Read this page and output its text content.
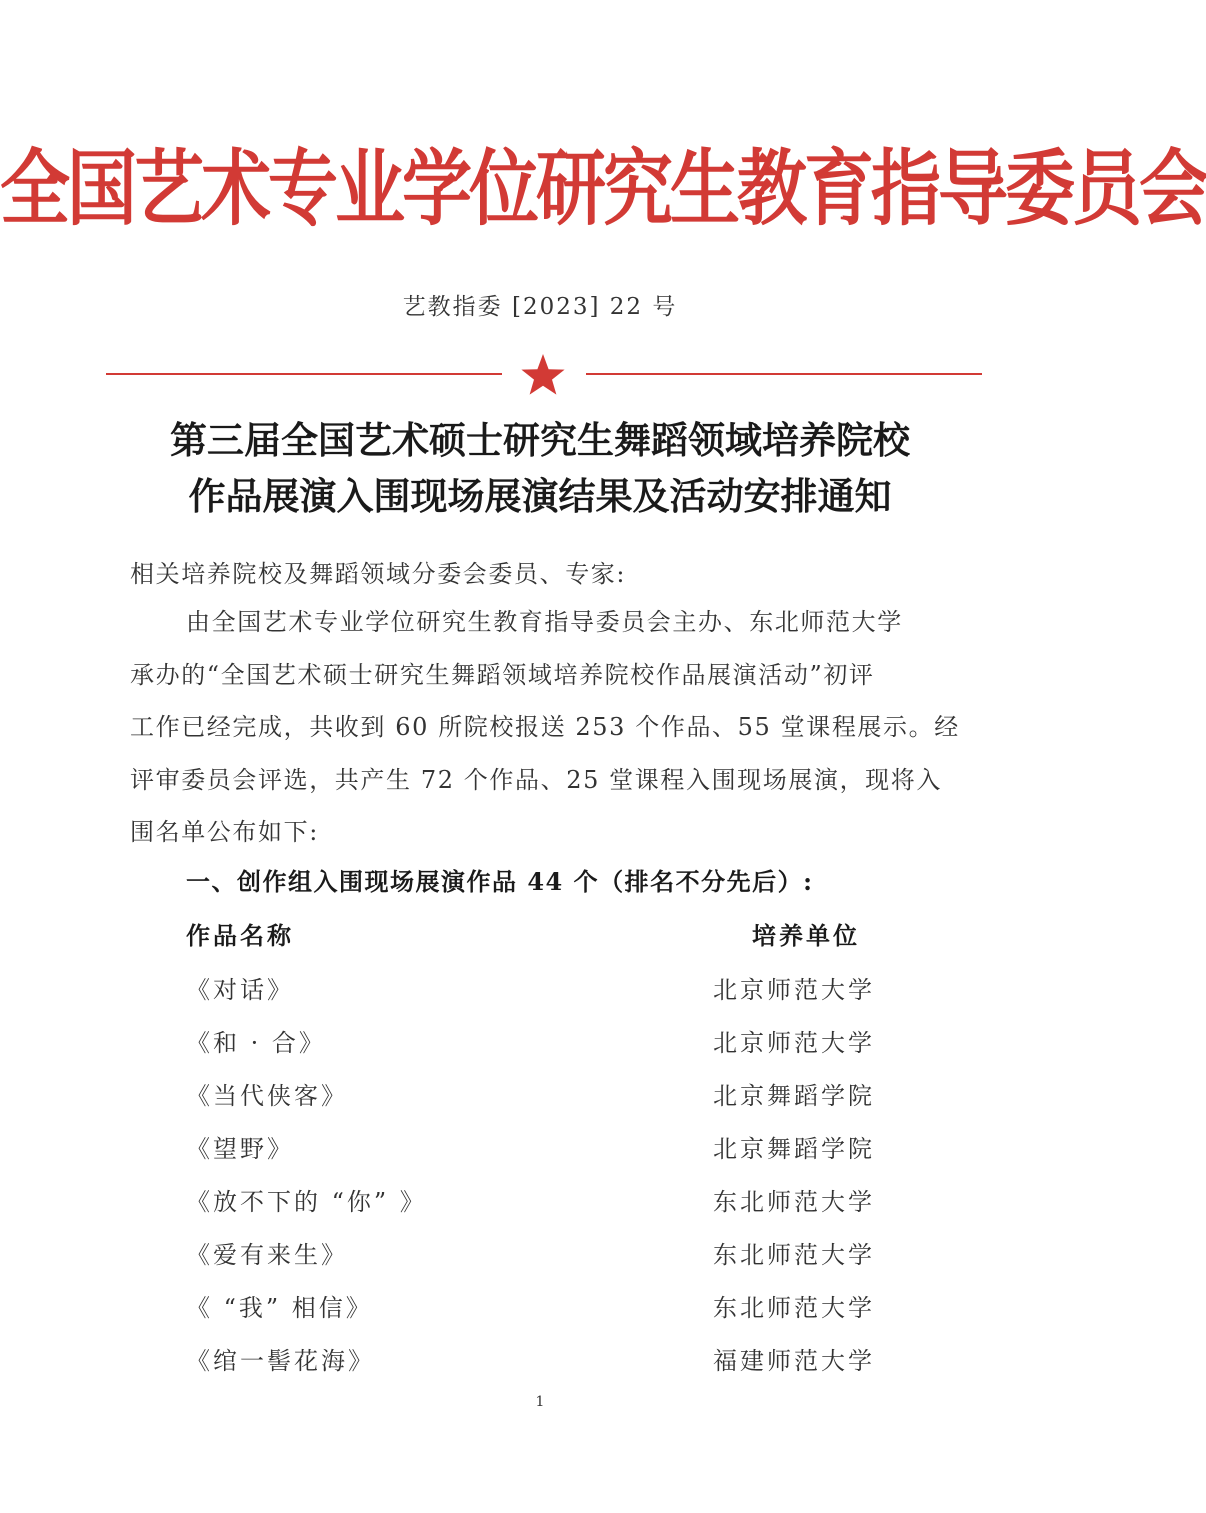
全国艺术专业学位研究生教育指导委员会
艺教指委 [2023] 22 号
第三届全国艺术硕士研究生舞蹈领域培养院校
作品展演入围现场展演结果及活动安排通知
相关培养院校及舞蹈领域分委会委员、专家:
由全国艺术专业学位研究生教育指导委员会主办、东北师范大学
承办的“全国艺术硕士研究生舞蹈领域培养院校作品展演活动”初评
工作已经完成，共收到 60 所院校报送 253 个作品、55 堂课程展示。经
评审委员会评选，共产生 72 个作品、25 堂课程入围现场展演，现将入
围名单公布如下:
一、创作组入围现场展演作品 44 个（排名不分先后）:
作品名称	培养单位
《对话》	北京师范大学
《和 · 合》	北京师范大学
《当代侠客》	北京舞蹈学院
《望野》	北京舞蹈学院
《放不下的 “你” 》	东北师范大学
《爱有来生》	东北师范大学
《 “我” 相信》	东北师范大学
《绾一髻花海》	福建师范大学
1
